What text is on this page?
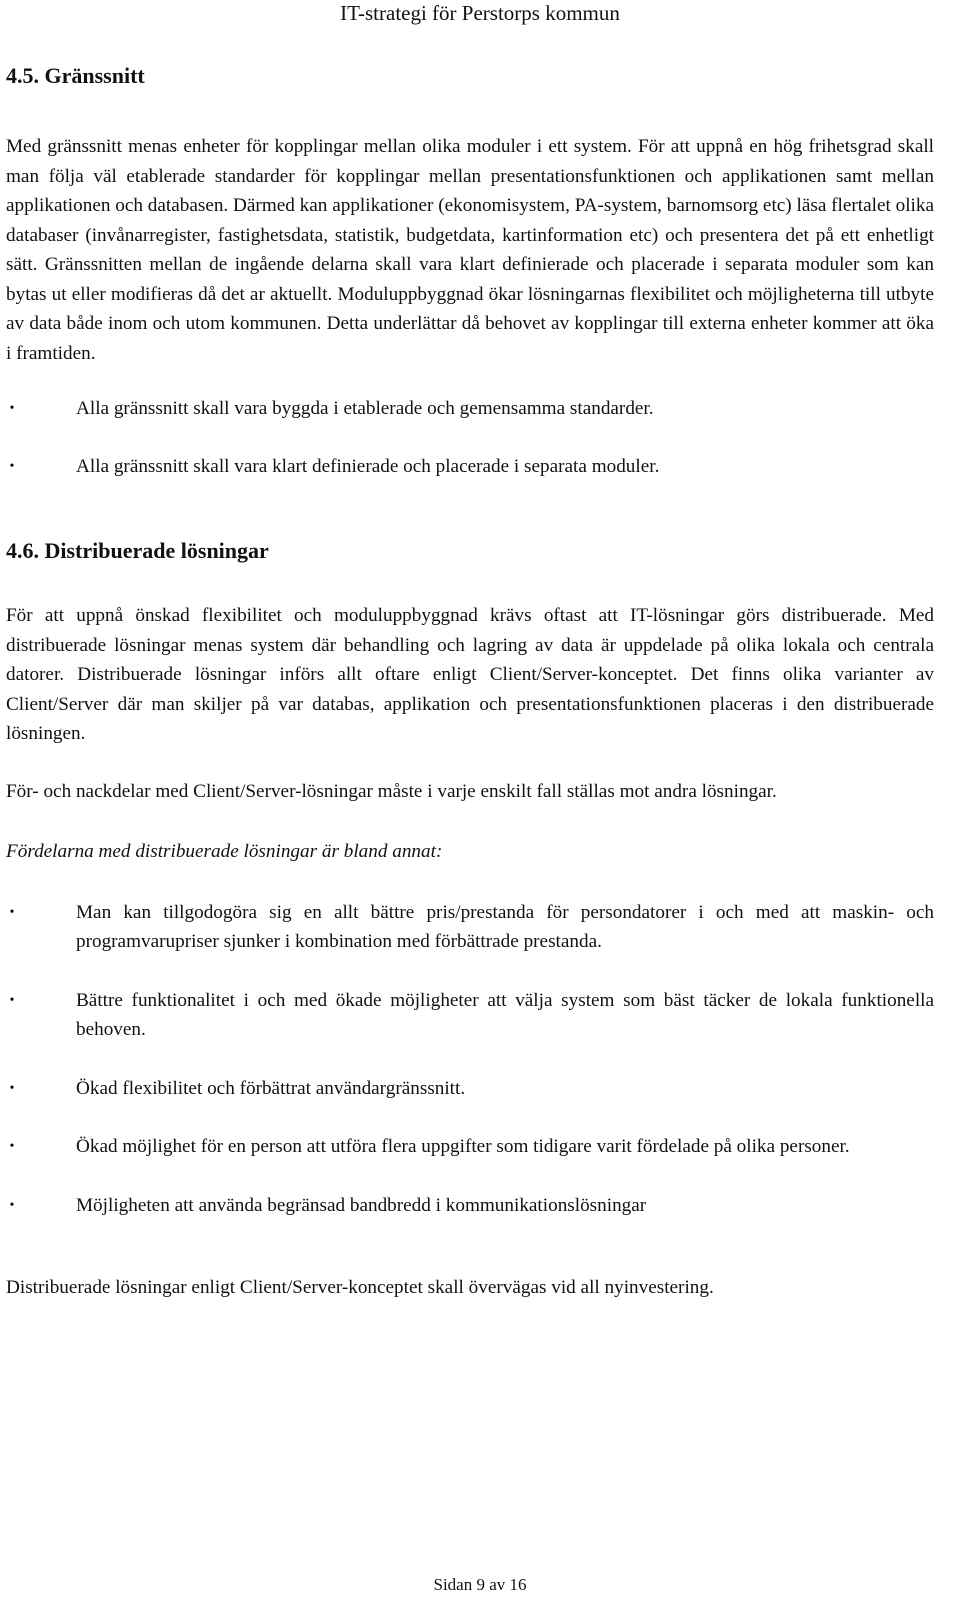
IT-strategi för Perstorps kommun
4.5. Gränssnitt

Med gränssnitt menas enheter för kopplingar mellan olika moduler i ett system. För att uppnå en hög frihetsgrad skall man följa väl etablerade standarder för kopplingar mellan presentationsfunktionen och applikationen samt mellan applikationen och databasen. Därmed kan applikationer (ekonomisystem, PA-system, barnomsorg etc) läsa flertalet olika databaser (invånarregister, fastighetsdata, statistik, budgetdata, kartinformation etc) och presentera det på ett enhetligt sätt. Gränssnitten mellan de ingående delarna skall vara klart definierade och placerade i separata moduler som kan bytas ut eller modifieras då det ar aktuellt. Moduluppbyggnad ökar lösningarnas flexibilitet och möjligheterna till utbyte av data både inom och utom kommunen. Detta underlättar då behovet av kopplingar till externa enheter kommer att öka i framtiden.

•	Alla gränssnitt skall vara byggda i etablerade och gemensamma standarder.
•	Alla gränssnitt skall vara klart definierade och placerade i separata moduler.
4.6. Distribuerade lösningar

För att uppnå önskad flexibilitet och moduluppbyggnad krävs oftast att IT-lösningar görs distribuerade. Med distribuerade lösningar menas system där behandling och lagring av data är uppdelade på olika lokala och centrala datorer. Distribuerade lösningar införs allt oftare enligt Client/Server-konceptet. Det finns olika varianter av Client/Server där man skiljer på var databas, applikation och presentationsfunktionen placeras i den distribuerade lösningen.

För- och nackdelar med Client/Server-lösningar måste i varje enskilt fall ställas mot andra lösningar.

Fördelarna med distribuerade lösningar är bland annat:

•	Man kan tillgodogöra sig en allt bättre pris/prestanda för persondatorer i och med att maskin- och programvarupriser sjunker i kombination med förbättrade prestanda.
•	Bättre funktionalitet i och med ökade möjligheter att välja system som bäst täcker de lokala funktionella behoven.
•	Ökad flexibilitet och förbättrat användargränssnitt.
•	Ökad möjlighet för en person att utföra flera uppgifter som tidigare varit fördelade på olika personer.
•	Möjligheten att använda begränsad bandbredd i kommunikationslösningar

Distribuerade lösningar enligt Client/Server-konceptet skall övervägas vid all nyinvestering.

Sidan 9 av 16
